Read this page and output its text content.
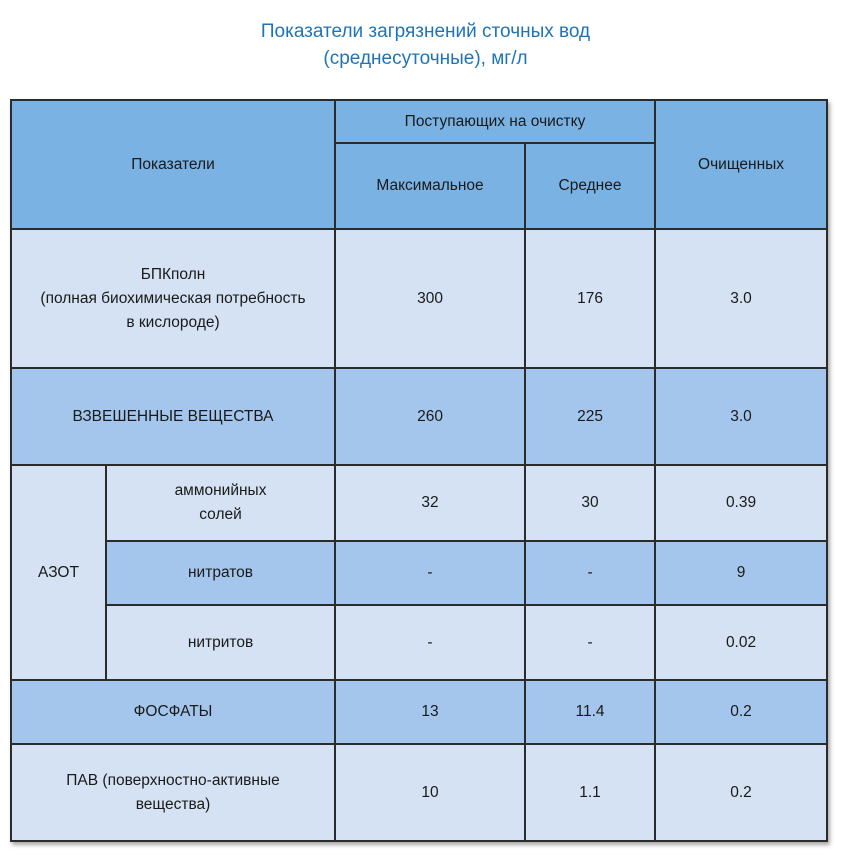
Показатели загрязнений сточных вод
(среднесуточные), мг/л
Показатели		Поступающих на очистку		Очищенных
		Максимальное	Среднее	

БПКполн
(полная биохимическая потребность
в кислороде)		300	176	3.0
ВЗВЕШЕННЫЕ ВЕЩЕСТВА		260	225	3.0
АЗОТ	аммонийных
солей	32	30	0.39
	нитратов	-	-	9
	нитритов	-	-	0.02
ФОСФАТЫ		13	11.4	0.2

ПАВ (поверхностно-активные
вещества)		10	1.1	0.2
